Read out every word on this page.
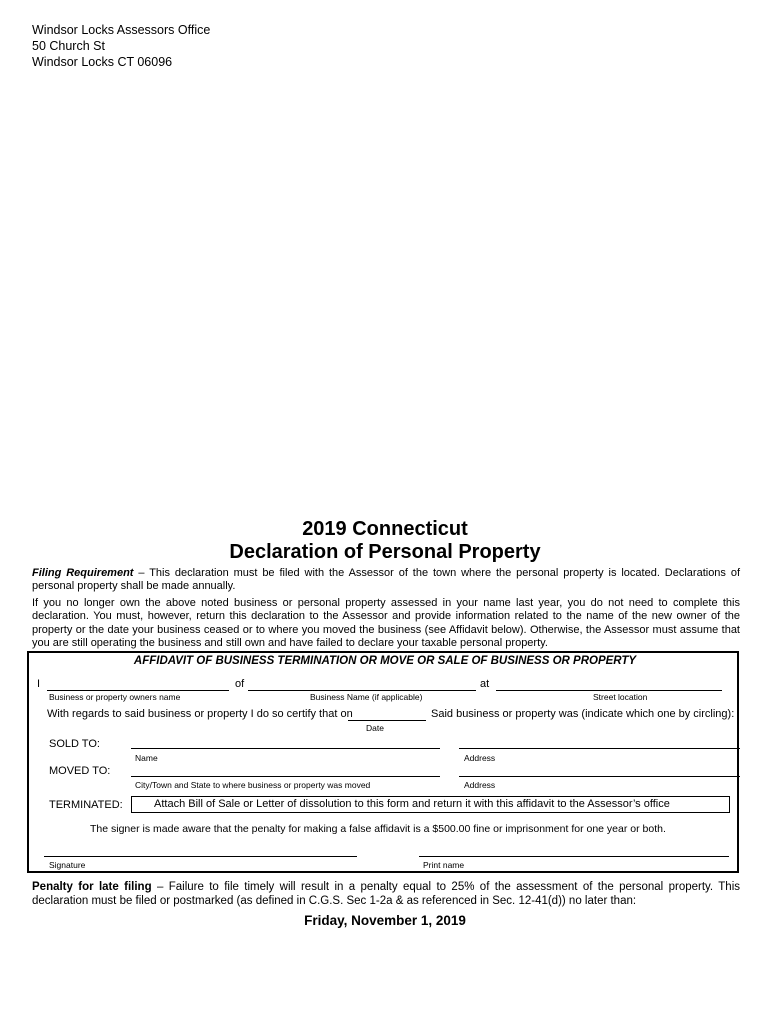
Windsor Locks Assessors Office
50 Church St
Windsor Locks CT 06096
2019 Connecticut
Declaration of Personal Property
Filing Requirement – This declaration must be filed with the Assessor of the town where the personal property is located. Declarations of personal property shall be made annually.
If you no longer own the above noted business or personal property assessed in your name last year, you do not need to complete this declaration. You must, however, return this declaration to the Assessor and provide information related to the name of the new owner of the property or the date your business ceased or to where you moved the business (see Affidavit below). Otherwise, the Assessor must assume that you are still operating the business and still own and have failed to declare your taxable personal property.
AFFIDAVIT OF BUSINESS TERMINATION OR MOVE OR SALE OF BUSINESS OR PROPERTY
I	of	at
Business or property owners name	Business Name (if applicable)	Street location
With regards to said business or property I do so certify that on	Said business or property was (indicate which one by circling):
Date
SOLD TO:
Name	Address
MOVED TO:
City/Town and State to where business or property was moved	Address
TERMINATED:	Attach Bill of Sale or Letter of dissolution to this form and return it with this affidavit to the Assessor’s office
The signer is made aware that the penalty for making a false affidavit is a $500.00 fine or imprisonment for one year or both.
Signature	Print name
Penalty for late filing – Failure to file timely will result in a penalty equal to 25% of the assessment of the personal property. This declaration must be filed or postmarked (as defined in C.G.S. Sec 1-2a & as referenced in Sec. 12-41(d)) no later than:
Friday, November 1, 2019
